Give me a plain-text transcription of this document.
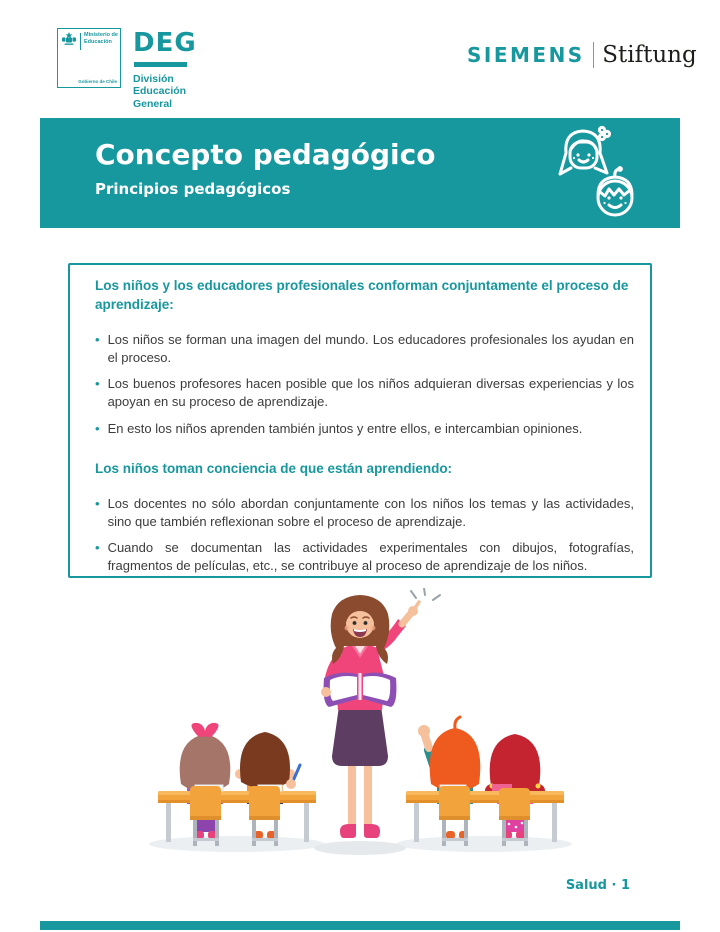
Ministerio de
Educación
Gobierno de Chile
DEG
División
Educación
General
SIEMENS Stiftung
Concepto pedagógico
Principios pedagógicos

Los niños y los educadores profesionales conforman conjuntamente el proceso de aprendizaje:

• Los niños se forman una imagen del mundo. Los educadores profesionales los ayudan en el proceso.
• Los buenos profesores hacen posible que los niños adquieran diversas experiencias y los apoyan en su proceso de aprendizaje.
• En esto los niños aprenden también juntos y entre ellos, e intercambian opiniones.

Los niños toman conciencia de que están aprendiendo:

• Los docentes no sólo abordan conjuntamente con los niños los temas y las actividades, sino que también reflexionan sobre el proceso de aprendizaje.
• Cuando se documentan las actividades experimentales con dibujos, fotografías, fragmentos de películas, etc., se contribuye al proceso de aprendizaje de los niños.
Salud · 1
